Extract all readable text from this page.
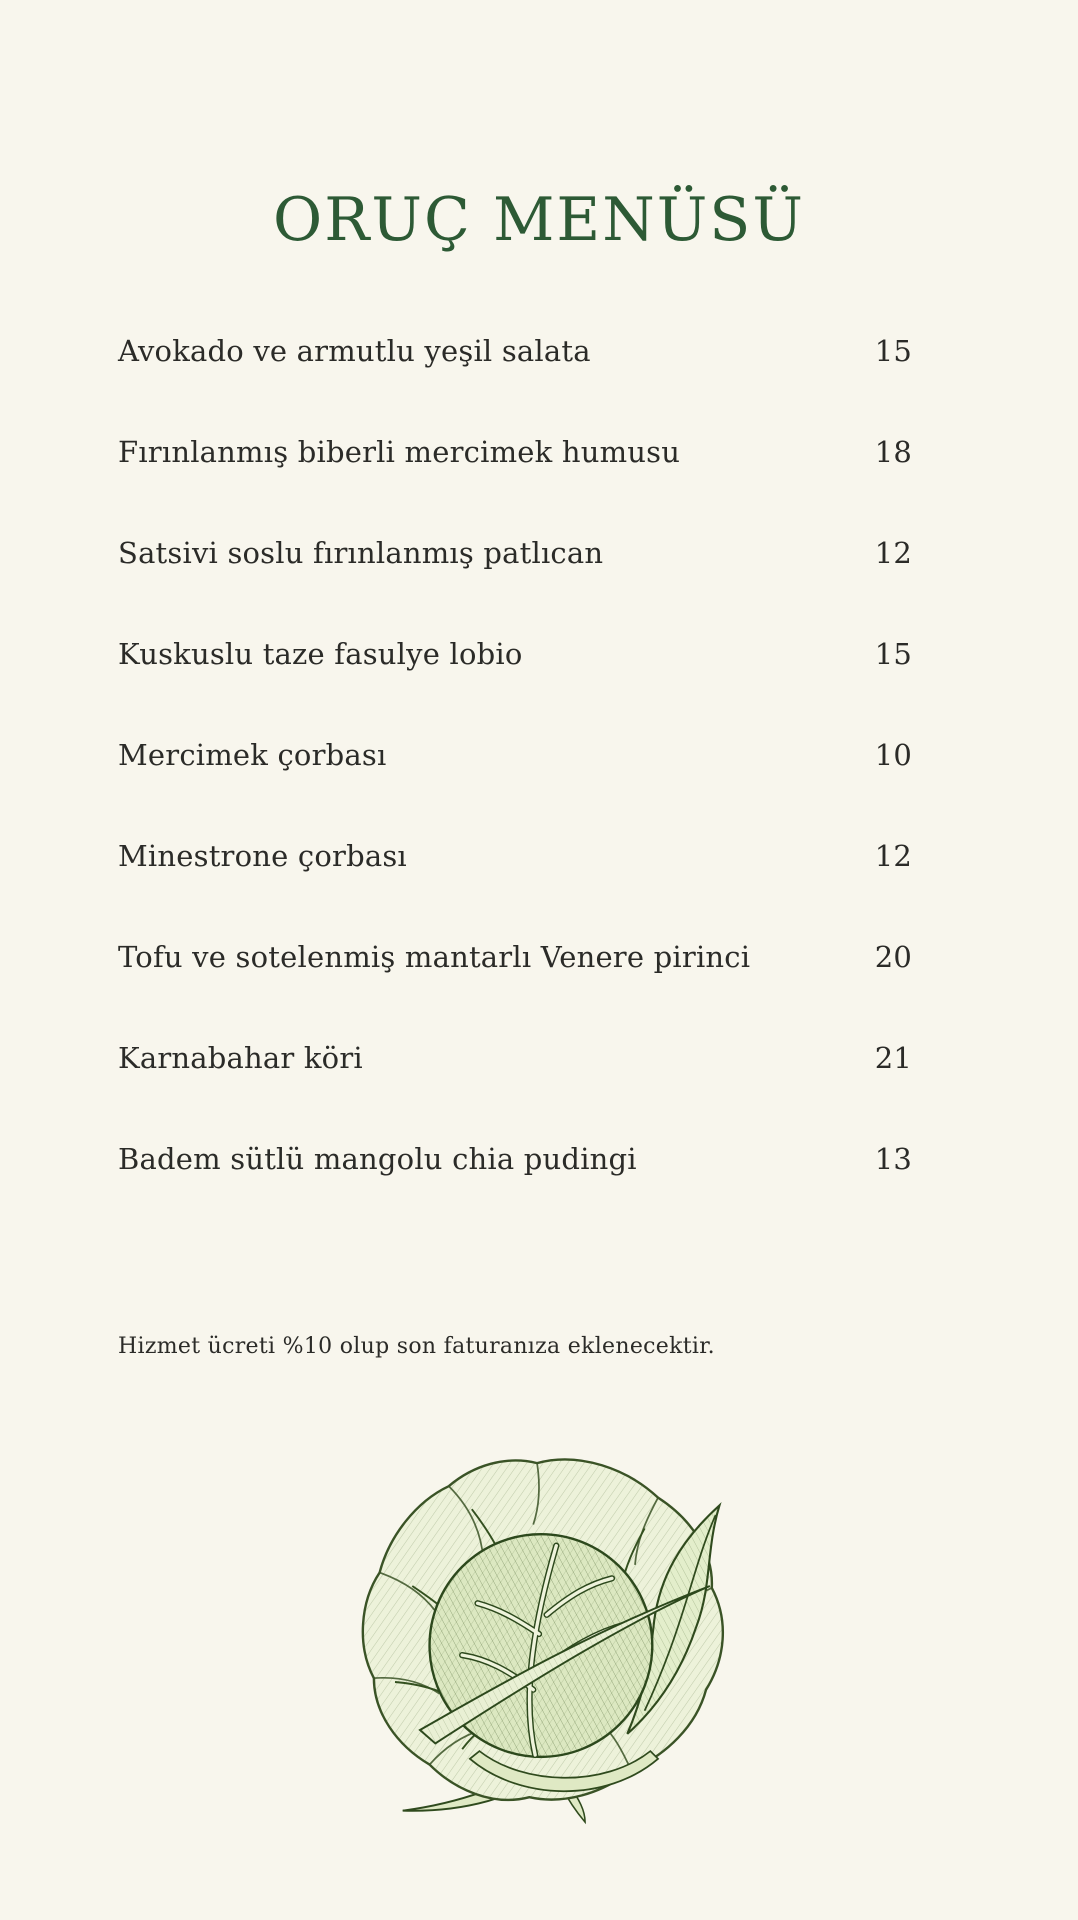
ORUÇ MENÜSÜ
Avokado ve armutlu yeşil salata	15
Fırınlanmış biberli mercimek humusu	18
Satsivi soslu fırınlanmış patlıcan	12
Kuskuslu taze fasulye lobio	15
Mercimek çorbası	10
Minestrone çorbası	12
Tofu ve sotelenmiş mantarlı Venere pirinci	20
Karnabahar köri	21
Badem sütlü mangolu chia pudingi	13

Hizmet ücreti %10 olup son faturanıza eklenecektir.
